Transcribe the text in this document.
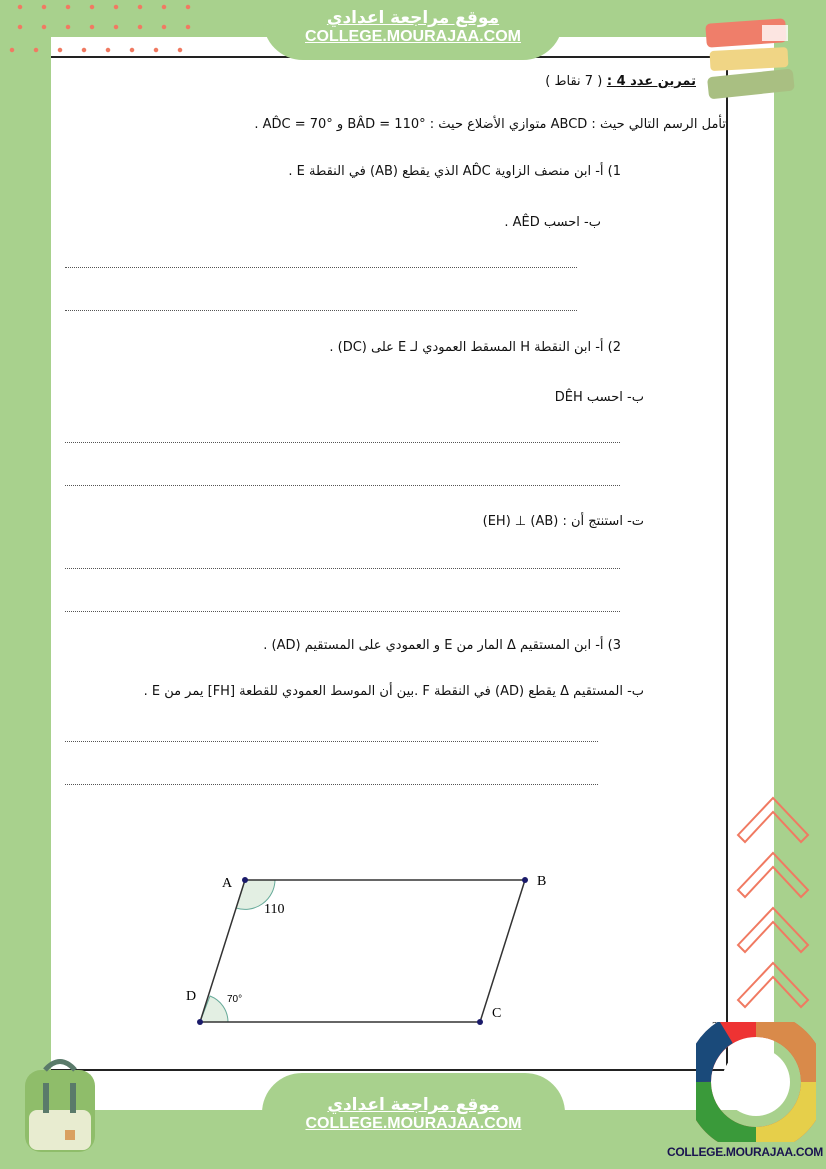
موقع مراجعة اعدادي
COLLEGE.MOURAJAA.COM
تمرين عدد 4 : ( 7 نقاط )
تأمل الرسم التالي حيث : ABCD متوازي الأضلاع حيث : BÂD = 110° و AD̂C = 70° .
1) أ- ابن منصف الزاوية AD̂C الذي يقطع (AB) في النقطة E .
ب- احسب AÊD .
2) أ- ابن النقطة H المسقط العمودي لـ E على (DC) .
ب- احسب DÊH
ت- استنتج أن : (AB) ⊥ (EH)
3) أ- ابن المستقيم Δ المار من E و العمودي على المستقيم (AD) .
ب- المستقيم Δ يقطع (AD) في النقطة F .بين أن الموسط العمودي للقطعة [FH] يمر من E .
A	B
C
D
110
70°
3
موقع مراجعة اعدادي
COLLEGE.MOURAJAA.COM
COLLEGE.MOURAJAA.COM
